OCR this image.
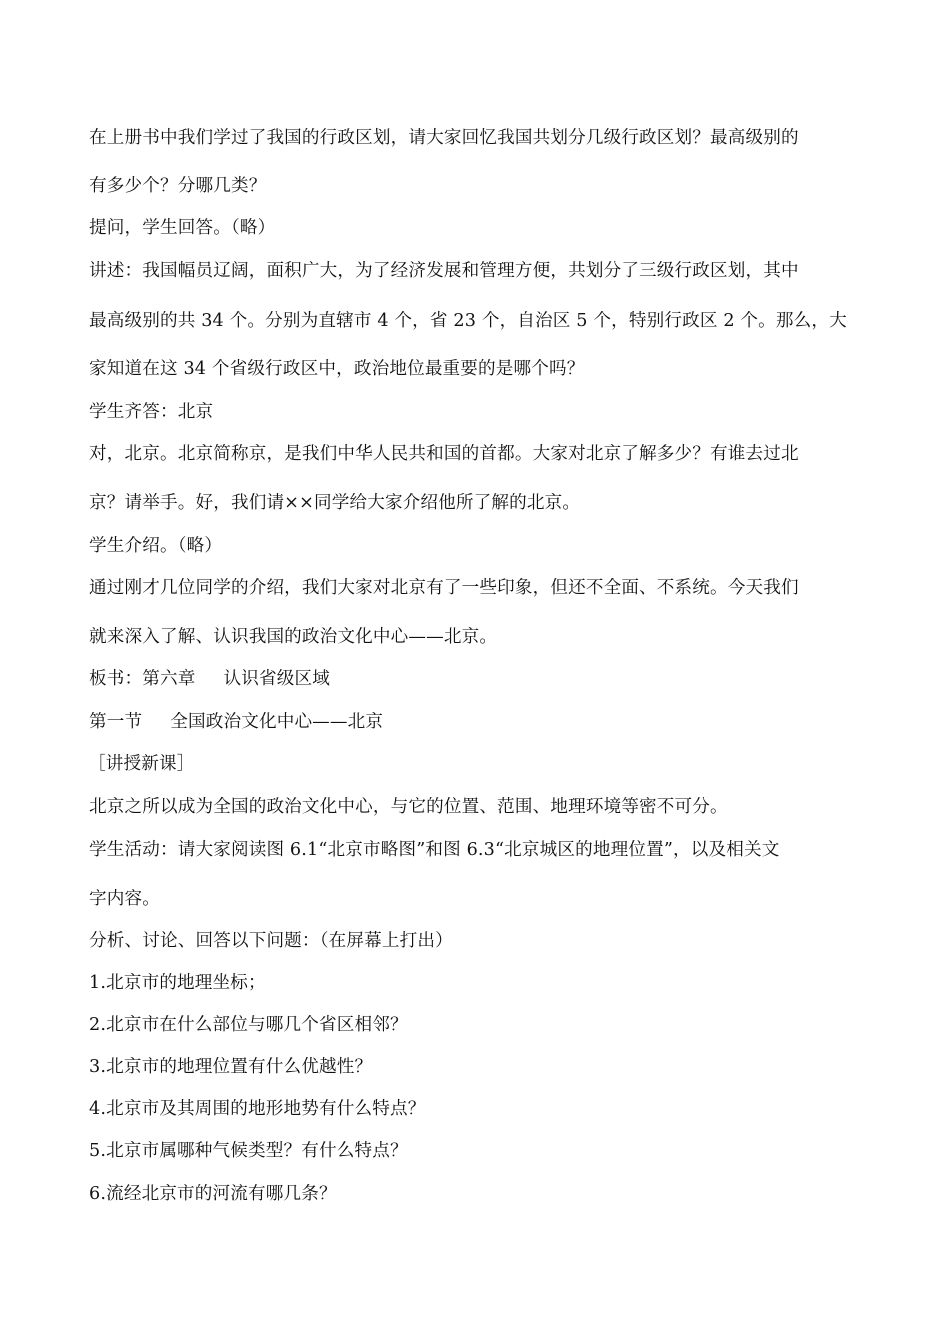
在上册书中我们学过了我国的行政区划，请大家回忆我国共划分几级行政区划？最高级别的
有多少个？分哪几类？
提问，学生回答。（略）
讲述：我国幅员辽阔，面积广大，为了经济发展和管理方便，共划分了三级行政区划，其中
最高级别的共 34 个。分别为直辖市 4 个，省 23 个，自治区 5 个，特别行政区 2 个。那么，大
家知道在这 34 个省级行政区中，政治地位最重要的是哪个吗？
学生齐答：北京
对，北京。北京简称京，是我们中华人民共和国的首都。大家对北京了解多少？有谁去过北
京？请举手。好，我们请××同学给大家介绍他所了解的北京。
学生介绍。（略）
通过刚才几位同学的介绍，我们大家对北京有了一些印象，但还不全面、不系统。今天我们
就来深入了解、认识我国的政治文化中心——北京。
板书：第六章 认识省级区域
第一节 全国政治文化中心——北京
［讲授新课］
北京之所以成为全国的政治文化中心，与它的位置、范围、地理环境等密不可分。
学生活动：请大家阅读图 6.1“北京市略图”和图 6.3“北京城区的地理位置”，以及相关文
字内容。
分析、讨论、回答以下问题：（在屏幕上打出）
1.北京市的地理坐标；
2.北京市在什么部位与哪几个省区相邻？
3.北京市的地理位置有什么优越性？
4.北京市及其周围的地形地势有什么特点？
5.北京市属哪种气候类型？有什么特点？
6.流经北京市的河流有哪几条？
